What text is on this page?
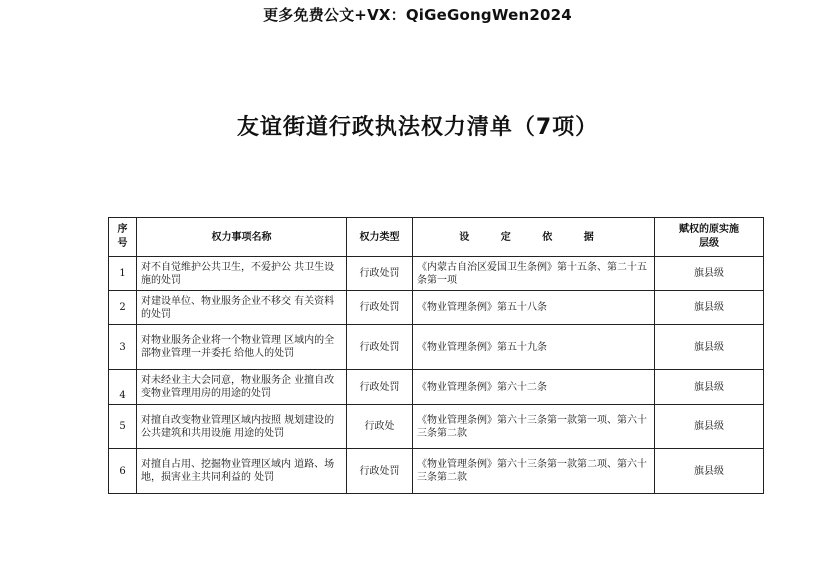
更多免费公文+VX：QiGeGongWen2024
友谊街道行政执法权力清单（7项）
序号	权力事项名称	权力类型	设 定 依 据	赋权的原实施层级
1	对不自觉维护公共卫生，不爱护公 共卫生设施的处罚	行政处罚	《内蒙古自治区爱国卫生条例》第十五条、第二十五 条第一项	旗县级
2	对建设单位、物业服务企业不移交 有关资料的处罚	行政处罚	《物业管理条例》第五十八条	旗县级
3	对物业服务企业将一个物业管理 区域内的全部物业管理一并委托 给他人的处罚	行政处罚	《物业管理条例》第五十九条	旗县级
4	对未经业主大会同意，物业服务企 业擅自改变物业管理用房的用途的处罚	行政处罚	《物业管理条例》第六十二条	旗县级
5	对擅自改变物业管理区域内按照 规划建设的公共建筑和共用设施 用途的处罚	行政处	《物业管理条例》第六十三条第一款第一项、第六十 三条第二款	旗县级
6	对擅自占用、挖掘物业管理区域内 道路、场地，损害业主共同利益的 处罚	行政处罚	《物业管理条例》第六十三条第一款第二项、第六十 三条第二款	旗县级
